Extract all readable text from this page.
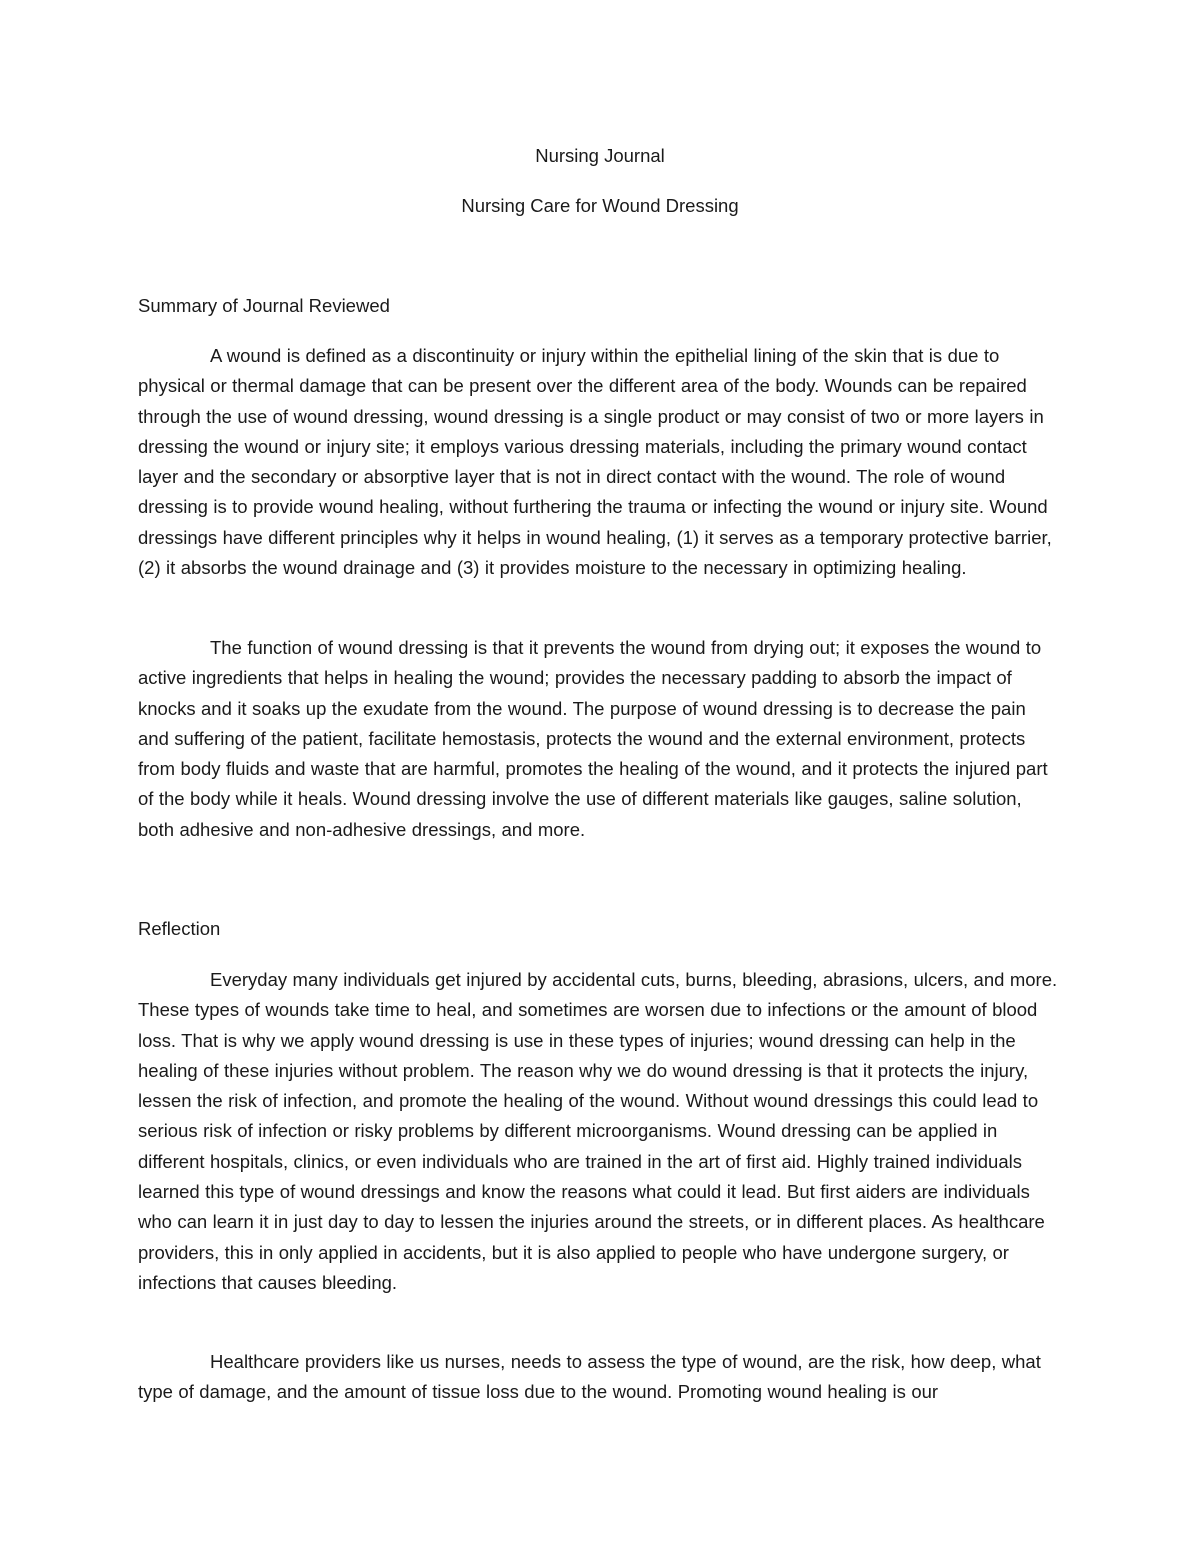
Nursing Journal
Nursing Care for Wound Dressing
Summary of Journal Reviewed

A wound is defined as a discontinuity or injury within the epithelial lining of the skin that is due to physical or thermal damage that can be present over the different area of the body. Wounds can be repaired through the use of wound dressing, wound dressing is a single product or may consist of two or more layers in dressing the wound or injury site; it employs various dressing materials, including the primary wound contact layer and the secondary or absorptive layer that is not in direct contact with the wound. The role of wound dressing is to provide wound healing, without furthering the trauma or infecting the wound or injury site. Wound dressings have different principles why it helps in wound healing, (1) it serves as a temporary protective barrier, (2) it absorbs the wound drainage and (3) it provides moisture to the necessary in optimizing healing.

The function of wound dressing is that it prevents the wound from drying out; it exposes the wound to active ingredients that helps in healing the wound; provides the necessary padding to absorb the impact of knocks and it soaks up the exudate from the wound. The purpose of wound dressing is to decrease the pain and suffering of the patient, facilitate hemostasis, protects the wound and the external environment, protects from body fluids and waste that are harmful, promotes the healing of the wound, and it protects the injured part of the body while it heals. Wound dressing involve the use of different materials like gauges, saline solution, both adhesive and non-adhesive dressings, and more.

Reflection

Everyday many individuals get injured by accidental cuts, burns, bleeding, abrasions, ulcers, and more. These types of wounds take time to heal, and sometimes are worsen due to infections or the amount of blood loss. That is why we apply wound dressing is use in these types of injuries; wound dressing can help in the healing of these injuries without problem. The reason why we do wound dressing is that it protects the injury, lessen the risk of infection, and promote the healing of the wound. Without wound dressings this could lead to serious risk of infection or risky problems by different microorganisms. Wound dressing can be applied in different hospitals, clinics, or even individuals who are trained in the art of first aid. Highly trained individuals learned this type of wound dressings and know the reasons what could it lead. But first aiders are individuals who can learn it in just day to day to lessen the injuries around the streets, or in different places. As healthcare providers, this in only applied in accidents, but it is also applied to people who have undergone surgery, or infections that causes bleeding.

Healthcare providers like us nurses, needs to assess the type of wound, are the risk, how deep, what type of damage, and the amount of tissue loss due to the wound. Promoting wound healing is our
